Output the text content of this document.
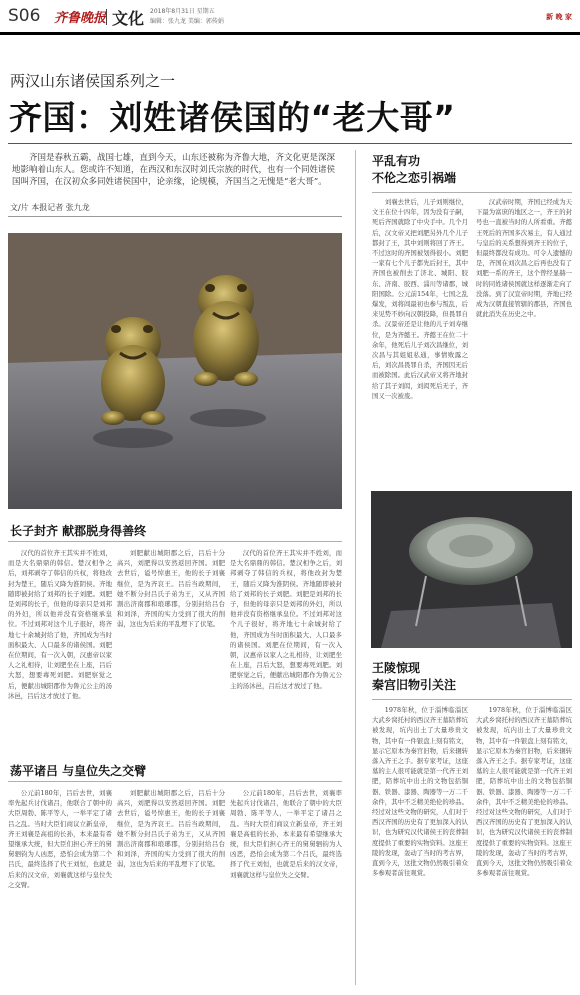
S06 齐鲁晚报 文化 2018年8月31日 星期五
编辑：张九龙 美编：郭传娟
新 晚 家
两汉山东诸侯国系列之一
齐国：刘姓诸侯国的“老大哥”
齐国是春秋五霸，战国七雄，直到今天，山东还被称为齐鲁大地，齐文化更是深深地影响着山东人。您或许不知道，在西汉和东汉时刘氏宗族的时代，也有一个同姓诸侯国叫齐国，在汉初众多同姓诸侯国中，论亲缘，论规模，齐国当之无愧是“老大哥”。
文/片 本报记者 张九龙
平乱有功
不伦之恋引祸端

刘襄去世后，儿子刘则继位，文王在位十四年，因为没有子嗣，死后齐国就除了中央手中。几个月后，汉文帝又把刘肥另外几个儿子都封了王，其中刘则将回了齐王。不过这时的齐国被划得很小。刘肥一家有七个儿子都先后封王，其中齐国也被削去了济北、城阳、胶东、济南、胶西、淄川等诸郡，城阳国除。公元前154年，七国之乱爆发，刘将闾最初也参与叛乱，后来见势不妙向汉朝投降，但畏罪自杀。汉景帝还是让他的儿子刘寿继位，是为齐懿王。齐懿王在位二十余年，他死后儿子刘次昌继位，刘次昌与其姐姐私通，事情败露之后，刘次昌畏罪自杀，齐国因无后而被除国。此后汉武帝又将齐地封给了其子刘闳，刘闳死后无子，齐国又一次被废。

汉武帝时期，齐国已经成为天下最为富庶的地区之一，齐王的封号也一直被当时的人所看重。齐懿王死后的齐国多次易主，有人通过与皇后的关系想得到齐王的位子，但最终都没有成功。可令人遗憾的是，齐国在刘次昌之后再也没有了刘肥一系的齐王，这个曾经显赫一时的同姓诸侯国就这样逐渐走向了没落。到了汉宣帝时期，齐地已经成为汉朝直接管辖的郡县，齐国也就此消失在历史之中。

长子封齐 献郡脱身得善终

汉代的首位齐王其实并不姓刘，而是大名鼎鼎的韩信。楚汉相争之后，刘邦剥夺了韩信的兵权，将他改封为楚王，随后又降为淮阴侯。齐地随即被封给了刘邦的长子刘肥。刘肥是刘邦的长子，但他的母亲只是刘邦的外妇，所以他并没有资格继承皇位。不过刘邦对这个儿子很好，将齐地七十余城封给了他，齐国成为当时面积最大、人口最多的诸侯国。刘肥在位期间，有一次入朝，汉惠帝以家人之礼相待，让刘肥坐在上座，吕后大怒，想要毒死刘肥。刘肥察觉之后，便献出城阳郡作为鲁元公主的汤沐邑，吕后这才放过了他。

刘肥献出城阳郡之后，吕后十分高兴，刘肥得以安然返回齐国。刘肥去世后，谥号悼惠王，他的长子刘襄继位，是为齐哀王。吕后当政期间，她不断分封吕氏子弟为王，又从齐国割出济南郡和琅琊郡，分别封给吕台和刘泽，齐国的实力受到了很大的削弱，这也为后来的平乱埋下了伏笔。

汉代的首位齐王其实并不姓刘，而是大名鼎鼎的韩信。楚汉相争之后，刘邦剥夺了韩信的兵权，将他改封为楚王，随后又降为淮阴侯。齐地随即被封给了刘邦的长子刘肥。刘肥是刘邦的长子，但他的母亲只是刘邦的外妇，所以他并没有资格继承皇位。不过刘邦对这个儿子很好，将齐地七十余城封给了他，齐国成为当时面积最大、人口最多的诸侯国。刘肥在位期间，有一次入朝，汉惠帝以家人之礼相待，让刘肥坐在上座，吕后大怒，想要毒死刘肥。刘肥察觉之后，便献出城阳郡作为鲁元公主的汤沐邑，吕后这才放过了他。

荡平诸吕 与皇位失之交臂

公元前180年，吕后去世，刘襄率先起兵讨伐诸吕，他联合了朝中的大臣周勃、陈平等人，一举平定了诸吕之乱。当时大臣们商议立新皇帝，齐王刘襄是高祖的长孙，本来最有希望继承大统，但大臣们担心齐王的舅舅驷钧为人凶恶，恐怕会成为第二个吕氏，最终选择了代王刘恒，也就是后来的汉文帝，刘襄就这样与皇位失之交臂。

刘肥献出城阳郡之后，吕后十分高兴，刘肥得以安然返回齐国。刘肥去世后，谥号悼惠王，他的长子刘襄继位，是为齐哀王。吕后当政期间，她不断分封吕氏子弟为王，又从齐国割出济南郡和琅琊郡，分别封给吕台和刘泽，齐国的实力受到了很大的削弱，这也为后来的平乱埋下了伏笔。

公元前180年，吕后去世，刘襄率先起兵讨伐诸吕，他联合了朝中的大臣周勃、陈平等人，一举平定了诸吕之乱。当时大臣们商议立新皇帝，齐王刘襄是高祖的长孙，本来最有希望继承大统，但大臣们担心齐王的舅舅驷钧为人凶恶，恐怕会成为第二个吕氏，最终选择了代王刘恒，也就是后来的汉文帝，刘襄就这样与皇位失之交臂。

王陵惊现
秦宫旧物引关注

1978年秋，位于淄博临淄区大武乡窝托村的西汉齐王墓陪葬坑被发现，坑内出土了大量珍贵文物，其中有一件银盘上刻有铭文，显示它原本为秦宫旧物，后来辗转落入齐王之手。据专家考证，这座墓的主人很可能就是第一代齐王刘肥，陪葬坑中出土的文物包括铜器、铁器、漆器、陶器等一万二千余件，其中不乏精美绝伦的珍品。经过对这些文物的研究，人们对于西汉齐国的历史有了更加深入的认识，也为研究汉代诸侯王的丧葬制度提供了重要的实物资料。这座王陵的发现，轰动了当时的考古界，直到今天，这批文物仍然吸引着众多参观者前往观赏。

1978年秋，位于淄博临淄区大武乡窝托村的西汉齐王墓陪葬坑被发现，坑内出土了大量珍贵文物，其中有一件银盘上刻有铭文，显示它原本为秦宫旧物，后来辗转落入齐王之手。据专家考证，这座墓的主人很可能就是第一代齐王刘肥，陪葬坑中出土的文物包括铜器、铁器、漆器、陶器等一万二千余件，其中不乏精美绝伦的珍品。经过对这些文物的研究，人们对于西汉齐国的历史有了更加深入的认识，也为研究汉代诸侯王的丧葬制度提供了重要的实物资料。这座王陵的发现，轰动了当时的考古界，直到今天，这批文物仍然吸引着众多参观者前往观赏。
